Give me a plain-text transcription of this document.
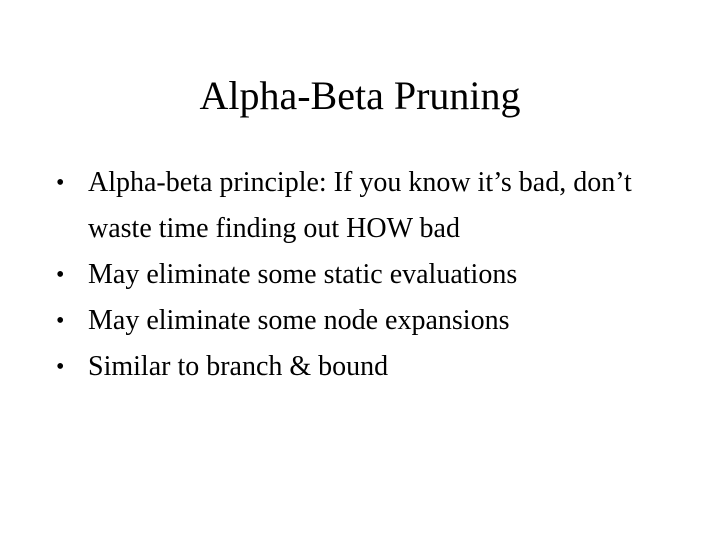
Alpha-Beta Pruning
• Alpha-beta principle: If you know it’s bad, don’t waste time finding out HOW bad
• May eliminate some static evaluations
• May eliminate some node expansions
• Similar to branch & bound
